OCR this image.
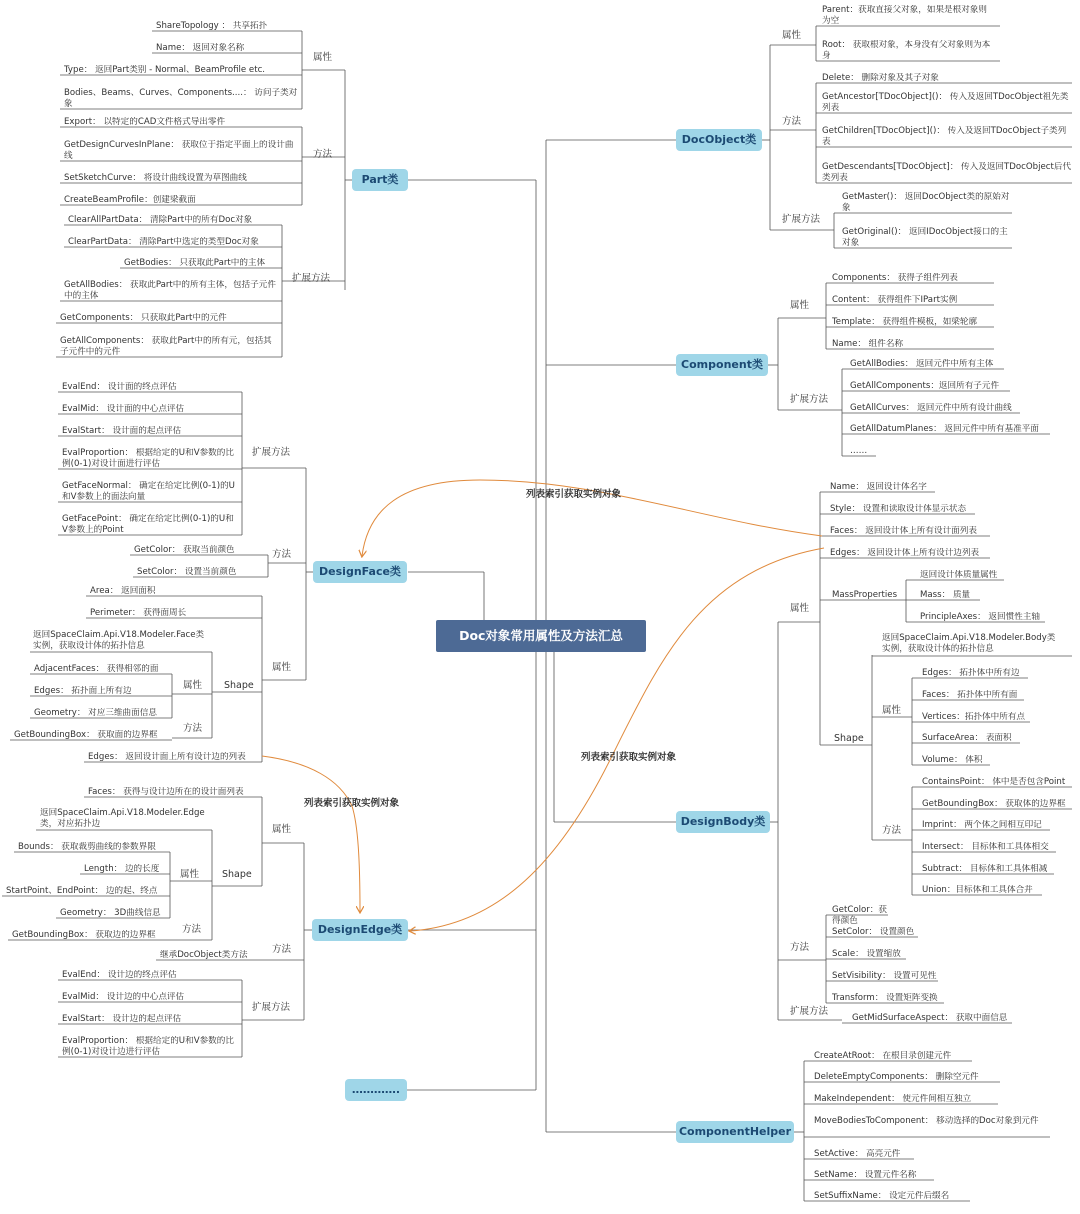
Doc对象常用属性及方法汇总
Part类
DesignFace类
DesignEdge类
………….
DocObject类
Component类
DesignBody类
ComponentHelper
列表索引获取实例对象
列表索引获取实例对象
列表索引获取实例对象
属性
方法
扩展方法
ShareTopology ： 共享拓扑
Name： 返回对象名称
Type： 返回Part类别 - Normal、BeamProfile etc.
Bodies、Beams、Curves、Components....： 访问子类对象
Export： 以特定的CAD文件格式导出零件
GetDesignCurvesInPlane： 获取位于指定平面上的设计曲线
SetSketchCurve： 将设计曲线设置为草图曲线
CreateBeamProfile：创建梁截面
ClearAllPartData： 清除Part中的所有Doc对象
ClearPartData： 清除Part中选定的类型Doc对象
GetBodies： 只获取此Part中的主体
GetAllBodies： 获取此Part中的所有主体，包括子元件中的主体
GetComponents： 只获取此Part中的元件
GetAllComponents： 获取此Part中的所有元，包括其子元件中的元件
扩展方法
方法
属性
EvalEnd： 设计面的终点评估
EvalMid： 设计面的中心点评估
EvalStart： 设计面的起点评估
EvalProportion： 根据给定的U和V参数的比例(0-1)对设计面进行评估
GetFaceNormal： 确定在给定比例(0-1)的U和V参数上的面法向量
GetFacePoint： 确定在给定比例(0-1)的U和V参数上的Point
GetColor： 获取当前颜色
SetColor： 设置当前颜色
Area： 返回面积
Perimeter： 获得面周长
Shape
返回SpaceClaim.Api.V18.Modeler.Face类实例，获取设计体的拓扑信息
属性
AdjacentFaces： 获得相邻的面
Edges： 拓扑面上所有边
Geometry： 对应三维曲面信息
方法
GetBoundingBox： 获取面的边界框
Edges： 返回设计面上所有设计边的列表
属性
方法
扩展方法
Faces： 获得与设计边所在的设计面列表
Shape
返回SpaceClaim.Api.V18.Modeler.Edge类，对应拓扑边
属性
Bounds： 获取裁剪曲线的参数界限
Length： 边的长度
StartPoint、EndPoint： 边的起、终点
Geometry： 3D曲线信息
方法
GetBoundingBox： 获取边的边界框
继承DocObject类方法
EvalEnd： 设计边的终点评估
EvalMid： 设计边的中心点评估
EvalStart： 设计边的起点评估
EvalProportion： 根据给定的U和V参数的比例(0-1)对设计边进行评估
属性
方法
扩展方法
Parent：获取直接父对象，如果是根对象则为空
Root： 获取根对象，本身没有父对象则为本身
Delete： 删除对象及其子对象
GetAncestor[TDocObject]()： 传入及返回TDocObject祖先类列表
GetChildren[TDocObject]()： 传入及返回TDocObject子类列表
GetDescendants[TDocObject]： 传入及返回TDocObject后代类列表
GetMaster()： 返回DocObject类的原始对象
GetOriginal()： 返回IDocObject接口的主对象
属性
扩展方法
Components： 获得子组件列表
Content： 获得组件下IPart实例
Template： 获得组件模板，如梁轮廓
Name： 组件名称
GetAllBodies： 返回元件中所有主体
GetAllComponents：返回所有子元件
GetAllCurves： 返回元件中所有设计曲线
GetAllDatumPlanes： 返回元件中所有基准平面
……
属性
方法
扩展方法
Name： 返回设计体名字
Style： 设置和读取设计体显示状态
Faces： 返回设计体上所有设计面列表
Edges： 返回设计体上所有设计边列表
MassProperties
返回设计体质量属性
Mass： 质量
PrincipleAxes： 返回惯性主轴
Shape
返回SpaceClaim.Api.V18.Modeler.Body类实例，获取设计体的拓扑信息
属性
Edges： 拓扑体中所有边
Faces： 拓扑体中所有面
Vertices：拓扑体中所有点
SurfaceArea： 表面积
Volume： 体积
方法
ContainsPoint： 体中是否包含Point
GetBoundingBox： 获取体的边界框
Imprint： 两个体之间相互印记
Intersect： 目标体和工具体相交
Subtract： 目标体和工具体相减
Union：目标体和工具体合并
GetColor：获得颜色
SetColor： 设置颜色
Scale： 设置缩放
SetVisibility： 设置可见性
Transform： 设置矩阵变换
GetMidSurfaceAspect： 获取中面信息
CreateAtRoot： 在根目录创建元件
DeleteEmptyComponents： 删除空元件
MakeIndependent： 使元件间相互独立
MoveBodiesToComponent： 移动选择的Doc对象到元件
SetActive： 高亮元件
SetName： 设置元件名称
SetSuffixName： 设定元件后缀名
